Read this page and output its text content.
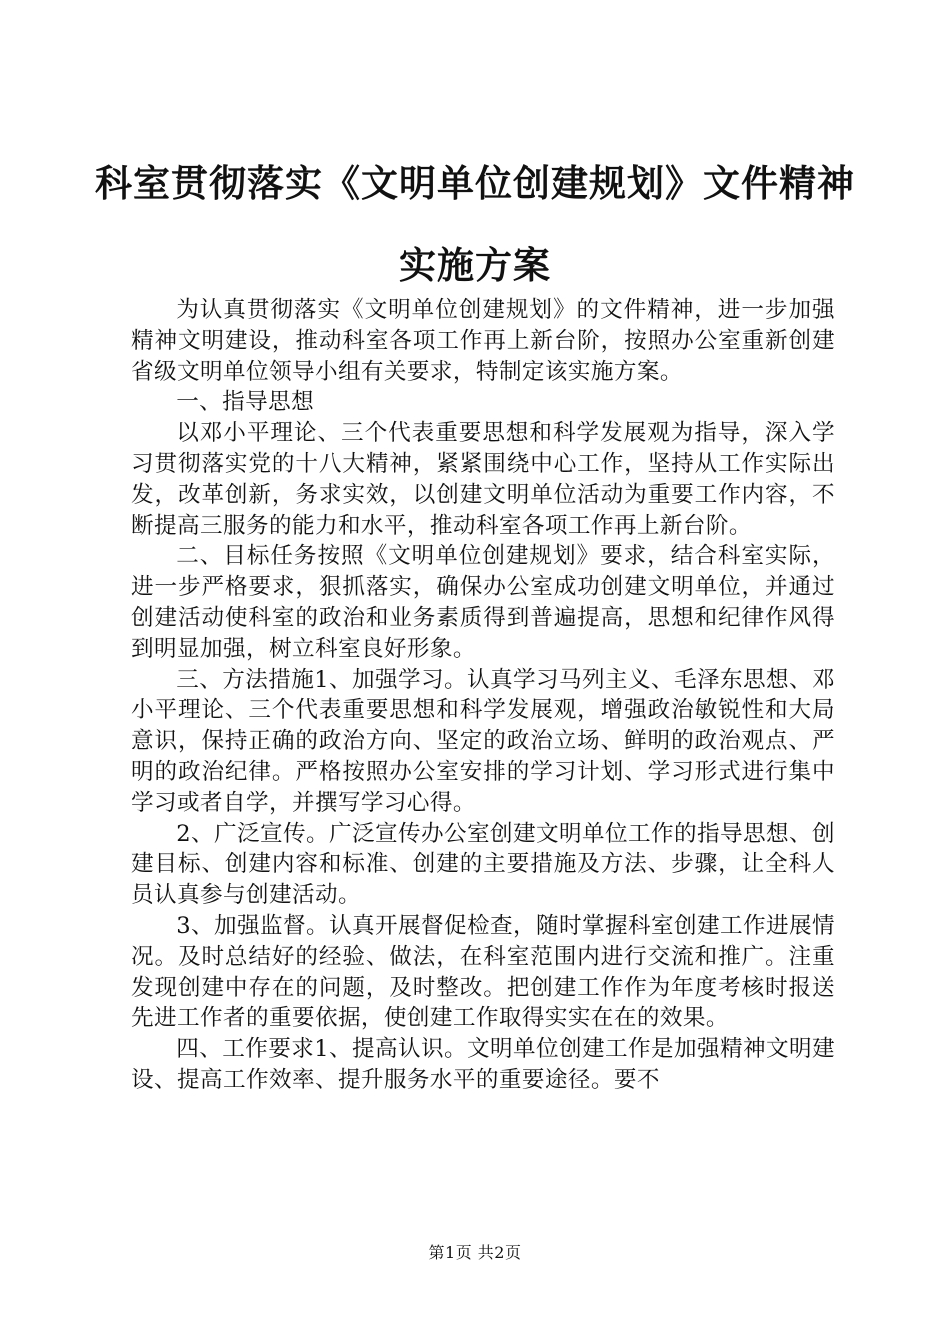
科室贯彻落实《文明单位创建规划》文件精神
实施方案

为认真贯彻落实《文明单位创建规划》的文件精神，进一步加强精神文明建设，推动科室各项工作再上新台阶，按照办公室重新创建省级文明单位领导小组有关要求，特制定该实施方案。

一、指导思想

以邓小平理论、三个代表重要思想和科学发展观为指导，深入学习贯彻落实党的十八大精神，紧紧围绕中心工作，坚持从工作实际出发，改革创新，务求实效，以创建文明单位活动为重要工作内容，不断提高三服务的能力和水平，推动科室各项工作再上新台阶。

二、目标任务按照《文明单位创建规划》要求，结合科室实际，进一步严格要求，狠抓落实，确保办公室成功创建文明单位，并通过创建活动使科室的政治和业务素质得到普遍提高，思想和纪律作风得到明显加强，树立科室良好形象。

三、方法措施1、加强学习。认真学习马列主义、毛泽东思想、邓小平理论、三个代表重要思想和科学发展观，增强政治敏锐性和大局意识，保持正确的政治方向、坚定的政治立场、鲜明的政治观点、严明的政治纪律。严格按照办公室安排的学习计划、学习形式进行集中学习或者自学，并撰写学习心得。

2、广泛宣传。广泛宣传办公室创建文明单位工作的指导思想、创建目标、创建内容和标准、创建的主要措施及方法、步骤，让全科人员认真参与创建活动。

3、加强监督。认真开展督促检查，随时掌握科室创建工作进展情况。及时总结好的经验、做法，在科室范围内进行交流和推广。注重发现创建中存在的问题，及时整改。把创建工作作为年度考核时报送先进工作者的重要依据，使创建工作取得实实在在的效果。

四、工作要求1、提高认识。文明单位创建工作是加强精神文明建设、提高工作效率、提升服务水平的重要途径。要不

第1页 共2页
